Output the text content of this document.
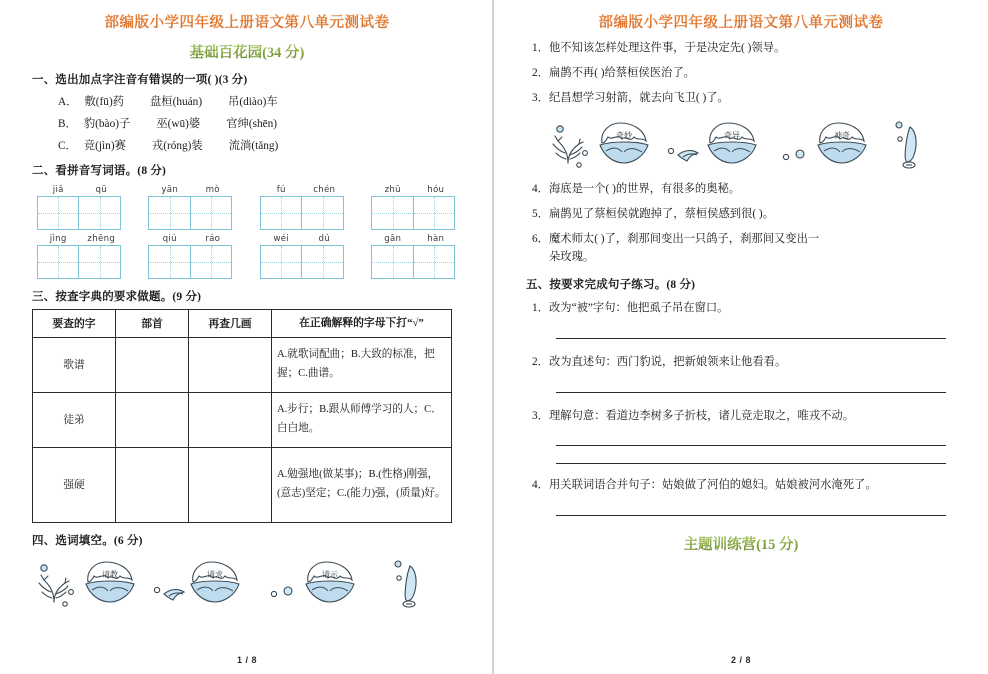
部编版小学四年级上册语文第八单元测试卷
基础百花园(34 分)
一、选出加点字注音有错误的一项( )(3 分)
A． 敷(fū)药 盘桓(huán) 吊(diào)车
B． 豹(bào)子 巫(wū)婆 官绅(shēn)
C． 竞(jìn)赛 戎(róng)装 流淌(tǎng)
二、看拼音写词语。(8 分)
jiǎ	qū	yān	mò	fú	chén	zhū	hóu
jìng	zhēng	qiú	ráo	wéi	dú	gān	hàn
三、按查字典的要求做题。(9 分)
要查的字	部首	再查几画	在正确解释的字母下打“√”
歌谱			A.就歌词配曲；B.大致的标准，把握；C.曲谱。
徒弟			A.步行；B.跟从师傅学习的人；C．白白地。
强硬			A.勉强地(做某事)；B.(性格)刚强，(意志)坚定；C.(能力)强，(质量)好。
四、选词填空。(6 分)
请教	请求	请示
1 / 8
部编版小学四年级上册语文第八单元测试卷
1．他不知该怎样处理这件事，于是决定先( )领导。
2．扁鹊不再( )给蔡桓侯医治了。
3．纪昌想学习射箭，就去向飞卫( )了。
奇妙	奇异	神奇
4．海底是一个( )的世界，有很多的奥秘。
5．扁鹊见了蔡桓侯就跑掉了，蔡桓侯感到很( )。
6．魔术师太( )了，刹那间变出一只鸽子，刹那间又变出一
朵玫瑰。
五、按要求完成句子练习。(8 分)
1．改为“被”字句：他把虱子吊在窗口。
2．改为直述句：西门豹说，把新娘领来让他看看。
3．理解句意：看道边李树多子折枝，诸儿竞走取之，唯戎不动。
4．用关联词语合并句子：姑娘做了河伯的媳妇。姑娘被河水淹死了。
主题训练营(15 分)
2 / 8
